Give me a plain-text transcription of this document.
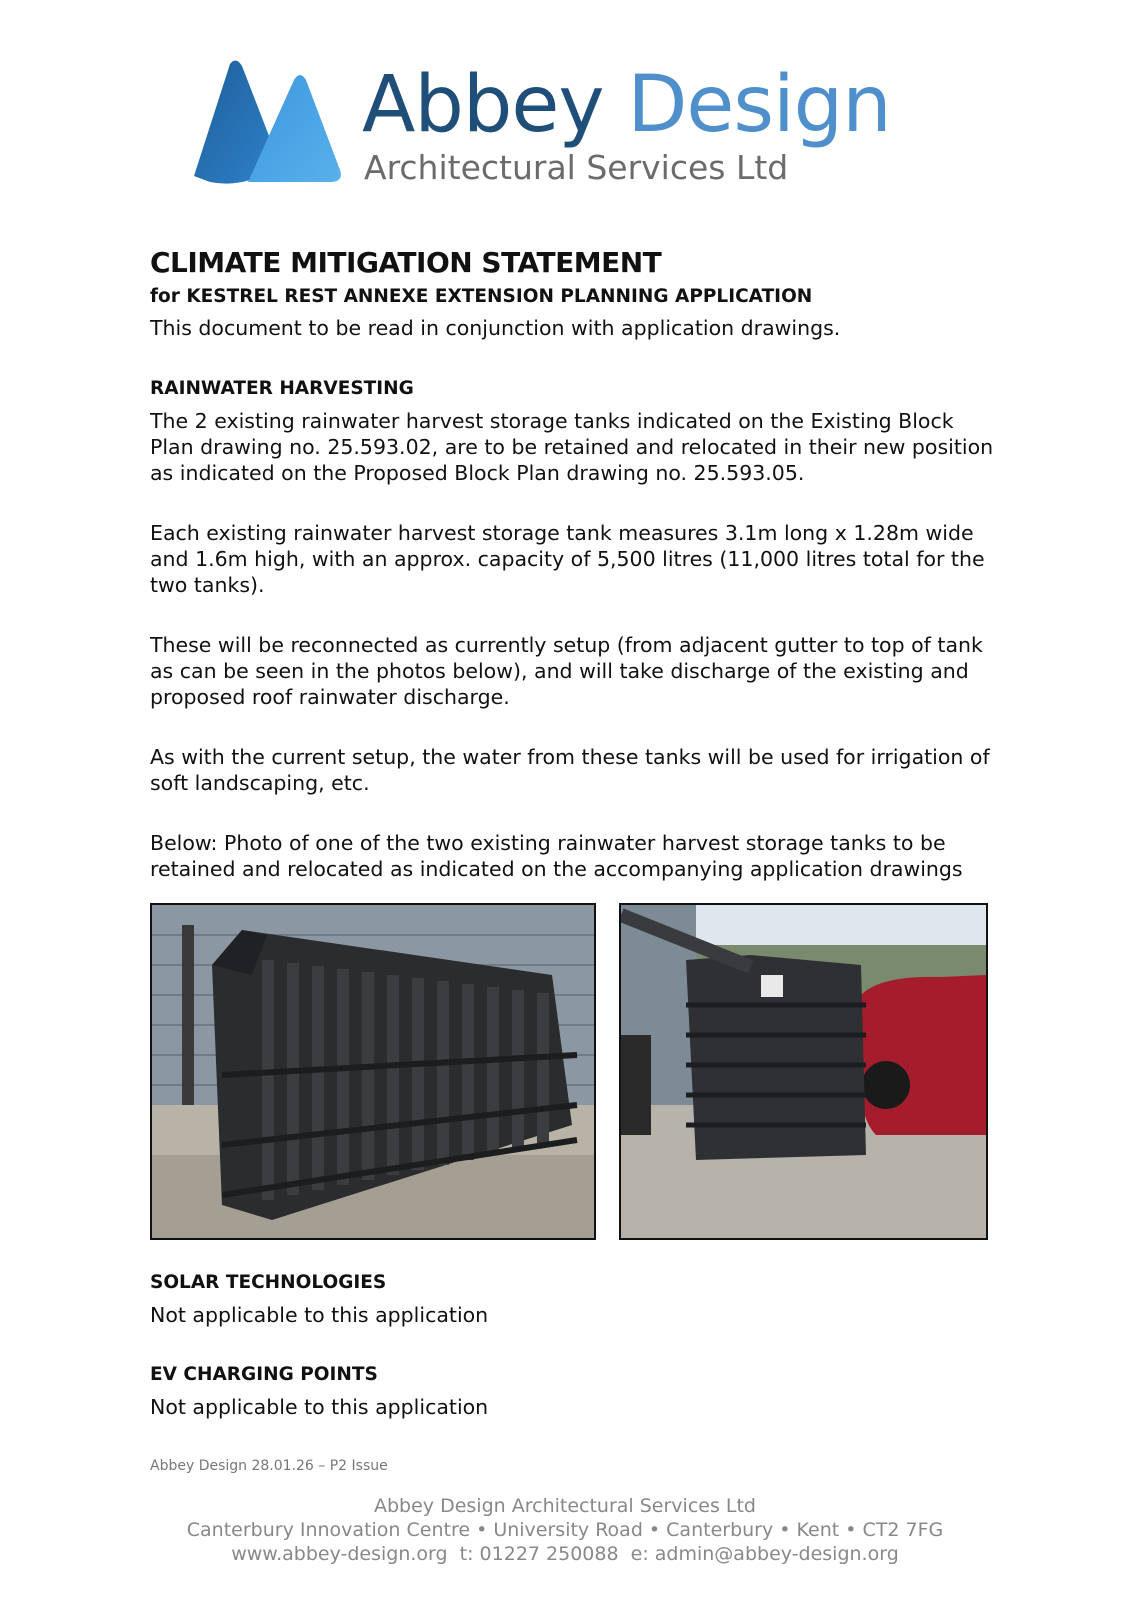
Abbey Design
Architectural Services Ltd
CLIMATE MITIGATION STATEMENT
for KESTREL REST ANNEXE EXTENSION PLANNING APPLICATION

This document to be read in conjunction with application drawings.

RAINWATER HARVESTING

The 2 existing rainwater harvest storage tanks indicated on the Existing Block Plan drawing no. 25.593.02, are to be retained and relocated in their new position as indicated on the Proposed Block Plan drawing no. 25.593.05.

Each existing rainwater harvest storage tank measures 3.1m long x 1.28m wide and 1.6m high, with an approx. capacity of 5,500 litres (11,000 litres total for the two tanks).

These will be reconnected as currently setup (from adjacent gutter to top of tank as can be seen in the photos below), and will take discharge of the existing and proposed roof rainwater discharge.

As with the current setup, the water from these tanks will be used for irrigation of soft landscaping, etc.

Below: Photo of one of the two existing rainwater harvest storage tanks to be retained and relocated as indicated on the accompanying application drawings

SOLAR TECHNOLOGIES

Not applicable to this application

EV CHARGING POINTS

Not applicable to this application

Abbey Design 28.01.26 – P2 Issue
Abbey Design Architectural Services Ltd
Canterbury Innovation Centre • University Road • Canterbury • Kent • CT2 7FG
www.abbey-design.org  t: 01227 250088  e: admin@abbey-design.org
